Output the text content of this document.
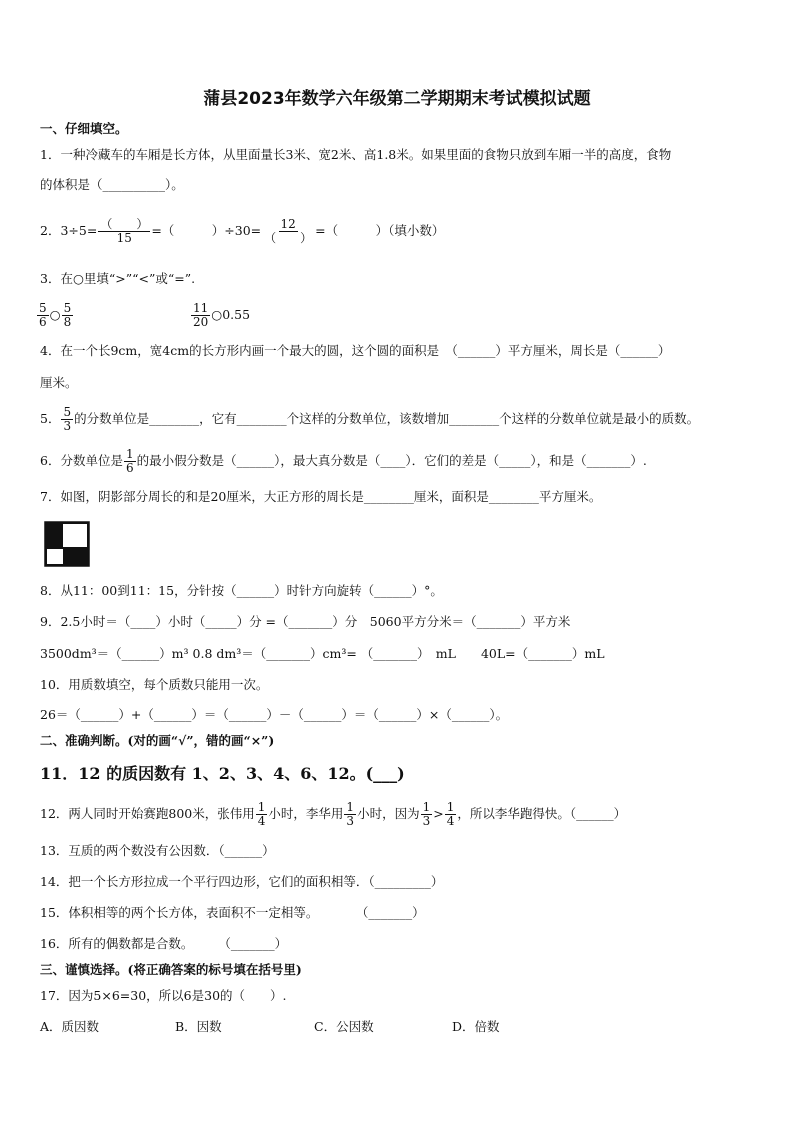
蒲县2023年数学六年级第二学期期末考试模拟试题
一、仔细填空。
1．一种冷藏车的车厢是长方体，从里面量长3米、宽2米、高1.8米。如果里面的食物只放到车厢一半的高度，食物
的体积是（__________）。
2．$3\div 5= \frac{( )}{15}$ =（　　　）$\div 30= \frac{12}{( )}$ =（　　　）（填小数）
3．在○里填“>”“<”或“=”.
$\frac{5}{6}$ ○ $\frac{5}{8}$	$\frac{11}{20}$ ○0.55
4．在一个长9cm，宽4cm的长方形内画一个最大的圆，这个圆的面积是　（______）平方厘米，周长是（______）
厘米。
5． $\frac{5}{3}$ 的分数单位是________，它有________个这样的分数单位，该数增加________个这样的分数单位就是最小的质数。
6．分数单位是 $\frac{1}{6}$ 的最小假分数是（______），最大真分数是（____）．它们的差是（_____），和是（_______）.
7．如图，阴影部分周长的和是20厘米，大正方形的周长是________厘米，面积是________平方厘米。
8．从11：00到11：15，分针按（______）时针方向旋转（______）°。
9．2.5小时＝（____）小时（_____）分 =（_______）分　5060平方分米＝（_______）平方米
3500dm³＝（______）m³ 0.8 dm³＝（_______）cm³= （_______）　mL　　40L=（_______）mL
10．用质数填空，每个质数只能用一次。
26＝（______）+（______）＝（______）－（______）＝（______）×（______）。
二、准确判断。(对的画“√”，错的画“×”)
11．12 的质因数有 1、2、3、4、6、12。(___)
12．两人同时开始赛跑800米，张伟用 $\frac{1}{4}$ 小时，李华用 $\frac{1}{3}$ 小时，因为 $\frac{1}{3} > \frac{1}{4}$ ，所以李华跑得快。（______）
13．互质的两个数没有公因数．（______）
14．把一个长方形拉成一个平行四边形，它们的面积相等．（_________）
15．体积相等的两个长方体，表面积不一定相等。　　　　（_______）
16．所有的偶数都是合数。　　　（_______）
三、谨慎选择。(将正确答案的标号填在括号里)
17．因为5×6=30，所以6是30的（　　）.
A．质因数	B．因数	C．公因数	D．倍数
